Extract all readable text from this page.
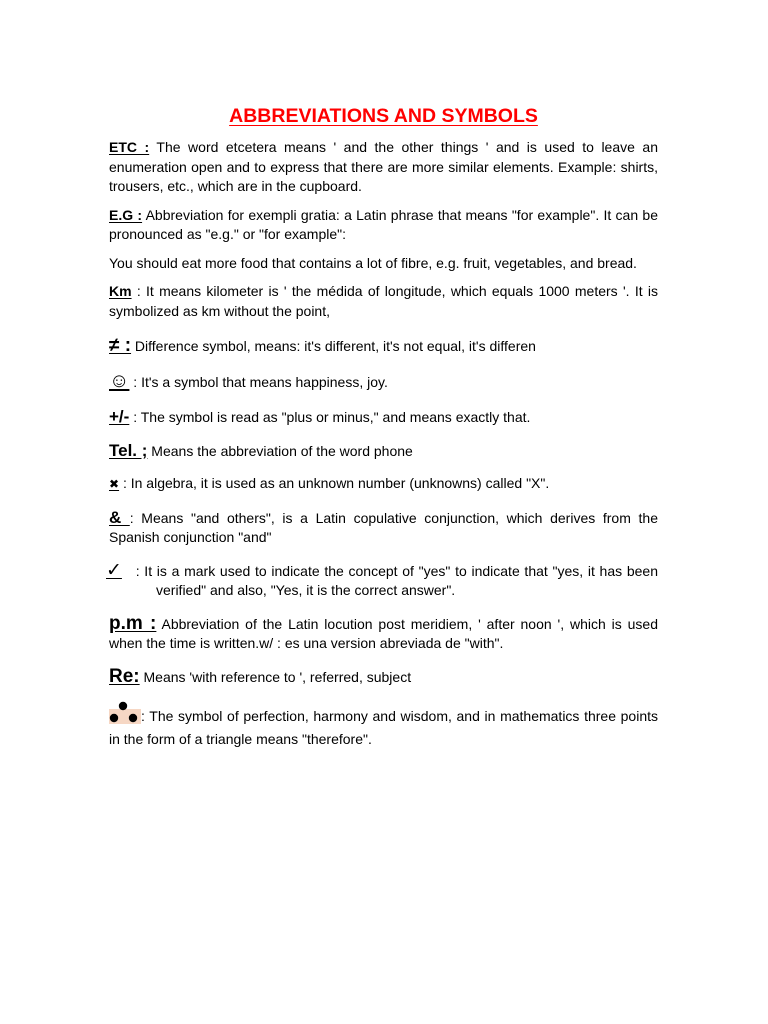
ABBREVIATIONS AND SYMBOLS

ETC : The word etcetera means ' and the other things ' and is used to leave an enumeration open and to express that there are more similar elements. Example: shirts, trousers, etc., which are in the cupboard.

E.G : Abbreviation for exempli gratia: a Latin phrase that means "for example". It can be pronounced as "e.g." or "for example":

You should eat more food that contains a lot of fibre, e.g. fruit, vegetables, and bread.

Km : It means kilometer is ' the médida of longitude, which equals 1000 meters '. It is symbolized as km without the point,

≠ : Difference symbol, means: it's different, it's not equal, it's differen

☺ : It's a symbol that means happiness, joy.

+/- : The symbol is read as "plus or minus," and means exactly that.

Tel. ; Means the abbreviation of the word phone

✖ : In algebra, it is used as an unknown number (unknowns) called "X".

& : Means "and others", is a Latin copulative conjunction, which derives from the Spanish conjunction "and"

✓ : It is a mark used to indicate the concept of "yes" to indicate that "yes, it has been verified" and also, "Yes, it is the correct answer".

p.m : Abbreviation of the Latin locution post meridiem, ' after noon ', which is used when the time is written.w/ : es una version abreviada de "with".

Re: Means 'with reference to ', referred, subject

: The symbol of perfection, harmony and wisdom, and in mathematics three points in the form of a triangle means "therefore".
